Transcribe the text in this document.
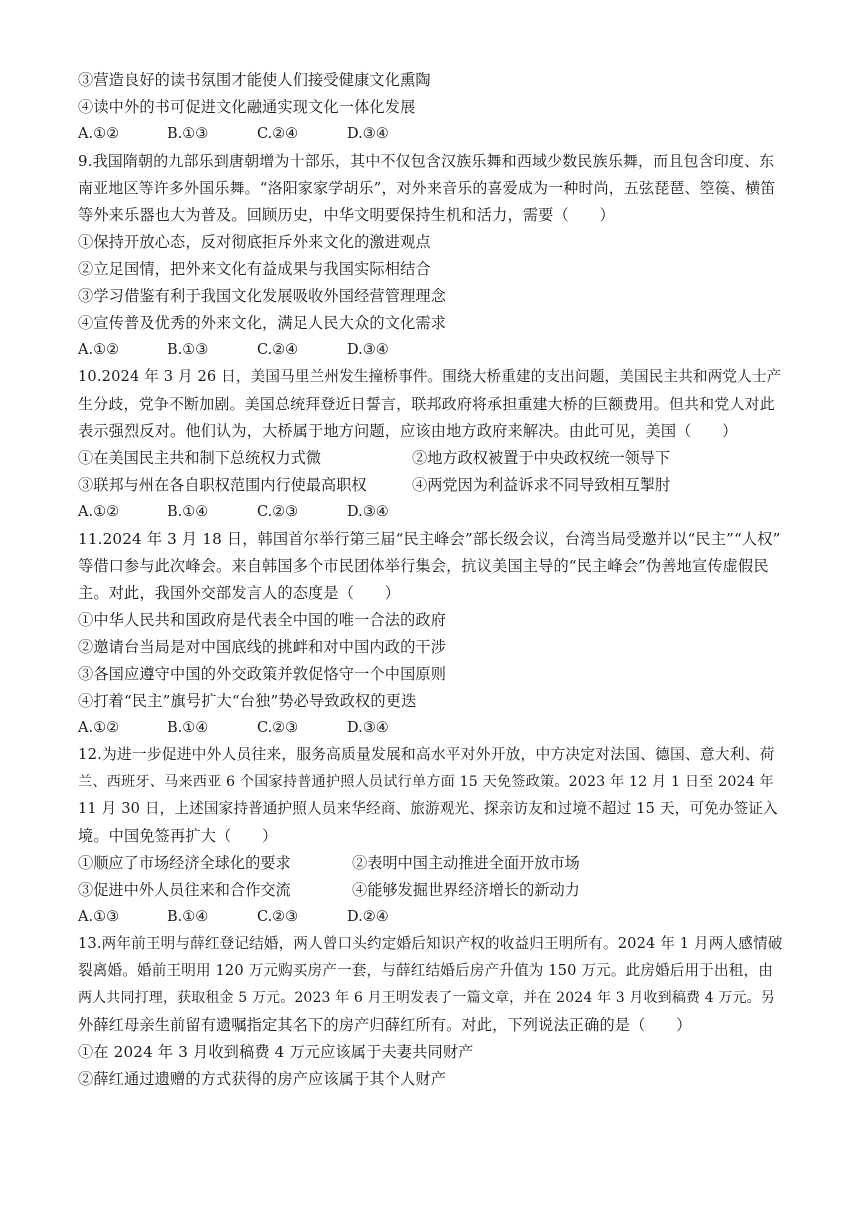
③营造良好的读书氛围才能使人们接受健康文化熏陶
④读中外的书可促进文化融通实现文化一体化发展
A.①②	B.①③	C.②④	D.③④
9.我国隋朝的九部乐到唐朝增为十部乐，其中不仅包含汉族乐舞和西域少数民族乐舞，而且包含印度、东
南亚地区等许多外国乐舞。“洛阳家家学胡乐”，对外来音乐的喜爱成为一种时尚，五弦琵琶、箜篌、横笛
等外来乐器也大为普及。回顾历史，中华文明要保持生机和活力，需要（　　）
①保持开放心态，反对彻底拒斥外来文化的激进观点
②立足国情，把外来文化有益成果与我国实际相结合
③学习借鉴有利于我国文化发展吸收外国经营管理理念
④宣传普及优秀的外来文化，满足人民大众的文化需求
A.①②	B.①③	C.②④	D.③④
10.2024 年 3 月 26 日，美国马里兰州发生撞桥事件。围绕大桥重建的支出问题，美国民主共和两党人士产
生分歧，党争不断加剧。美国总统拜登近日誓言，联邦政府将承担重建大桥的巨额费用。但共和党人对此
表示强烈反对。他们认为，大桥属于地方问题，应该由地方政府来解决。由此可见，美国（　　）
①在美国民主共和制下总统权力式微	②地方政权被置于中央政权统一领导下
③联邦与州在各自职权范围内行使最高职权	④两党因为利益诉求不同导致相互掣肘
A.①②	B.①④	C.②③	D.③④
11.2024 年 3 月 18 日，韩国首尔举行第三届“民主峰会”部长级会议，台湾当局受邀并以“民主”“人权”
等借口参与此次峰会。来自韩国多个市民团体举行集会，抗议美国主导的“民主峰会”伪善地宣传虚假民
主。对此，我国外交部发言人的态度是（　　）
①中华人民共和国政府是代表全中国的唯一合法的政府
②邀请台当局是对中国底线的挑衅和对中国内政的干涉
③各国应遵守中国的外交政策并敦促恪守一个中国原则
④打着“民主”旗号扩大“台独”势必导致政权的更迭
A.①②	B.①④	C.②③	D.③④
12.为进一步促进中外人员往来，服务高质量发展和高水平对外开放，中方决定对法国、德国、意大利、荷
兰、西班牙、马来西亚 6 个国家持普通护照人员试行单方面 15 天免签政策。2023 年 12 月 1 日至 2024 年
11 月 30 日，上述国家持普通护照人员来华经商、旅游观光、探亲访友和过境不超过 15 天，可免办签证入
境。中国免签再扩大（　　）
①顺应了市场经济全球化的要求	②表明中国主动推进全面开放市场
③促进中外人员往来和合作交流	④能够发掘世界经济增长的新动力
A.①③	B.①④	C.②③	D.②④
13.两年前王明与薛红登记结婚，两人曾口头约定婚后知识产权的收益归王明所有。2024 年 1 月两人感情破
裂离婚。婚前王明用 120 万元购买房产一套，与薛红结婚后房产升值为 150 万元。此房婚后用于出租，由
两人共同打理，获取租金 5 万元。2023 年 6 月王明发表了一篇文章，并在 2024 年 3 月收到稿费 4 万元。另
外薛红母亲生前留有遗嘱指定其名下的房产归薛红所有。对此，下列说法正确的是（　　）
①在 2024 年 3 月收到稿费 4 万元应该属于夫妻共同财产
②薛红通过遗赠的方式获得的房产应该属于其个人财产
